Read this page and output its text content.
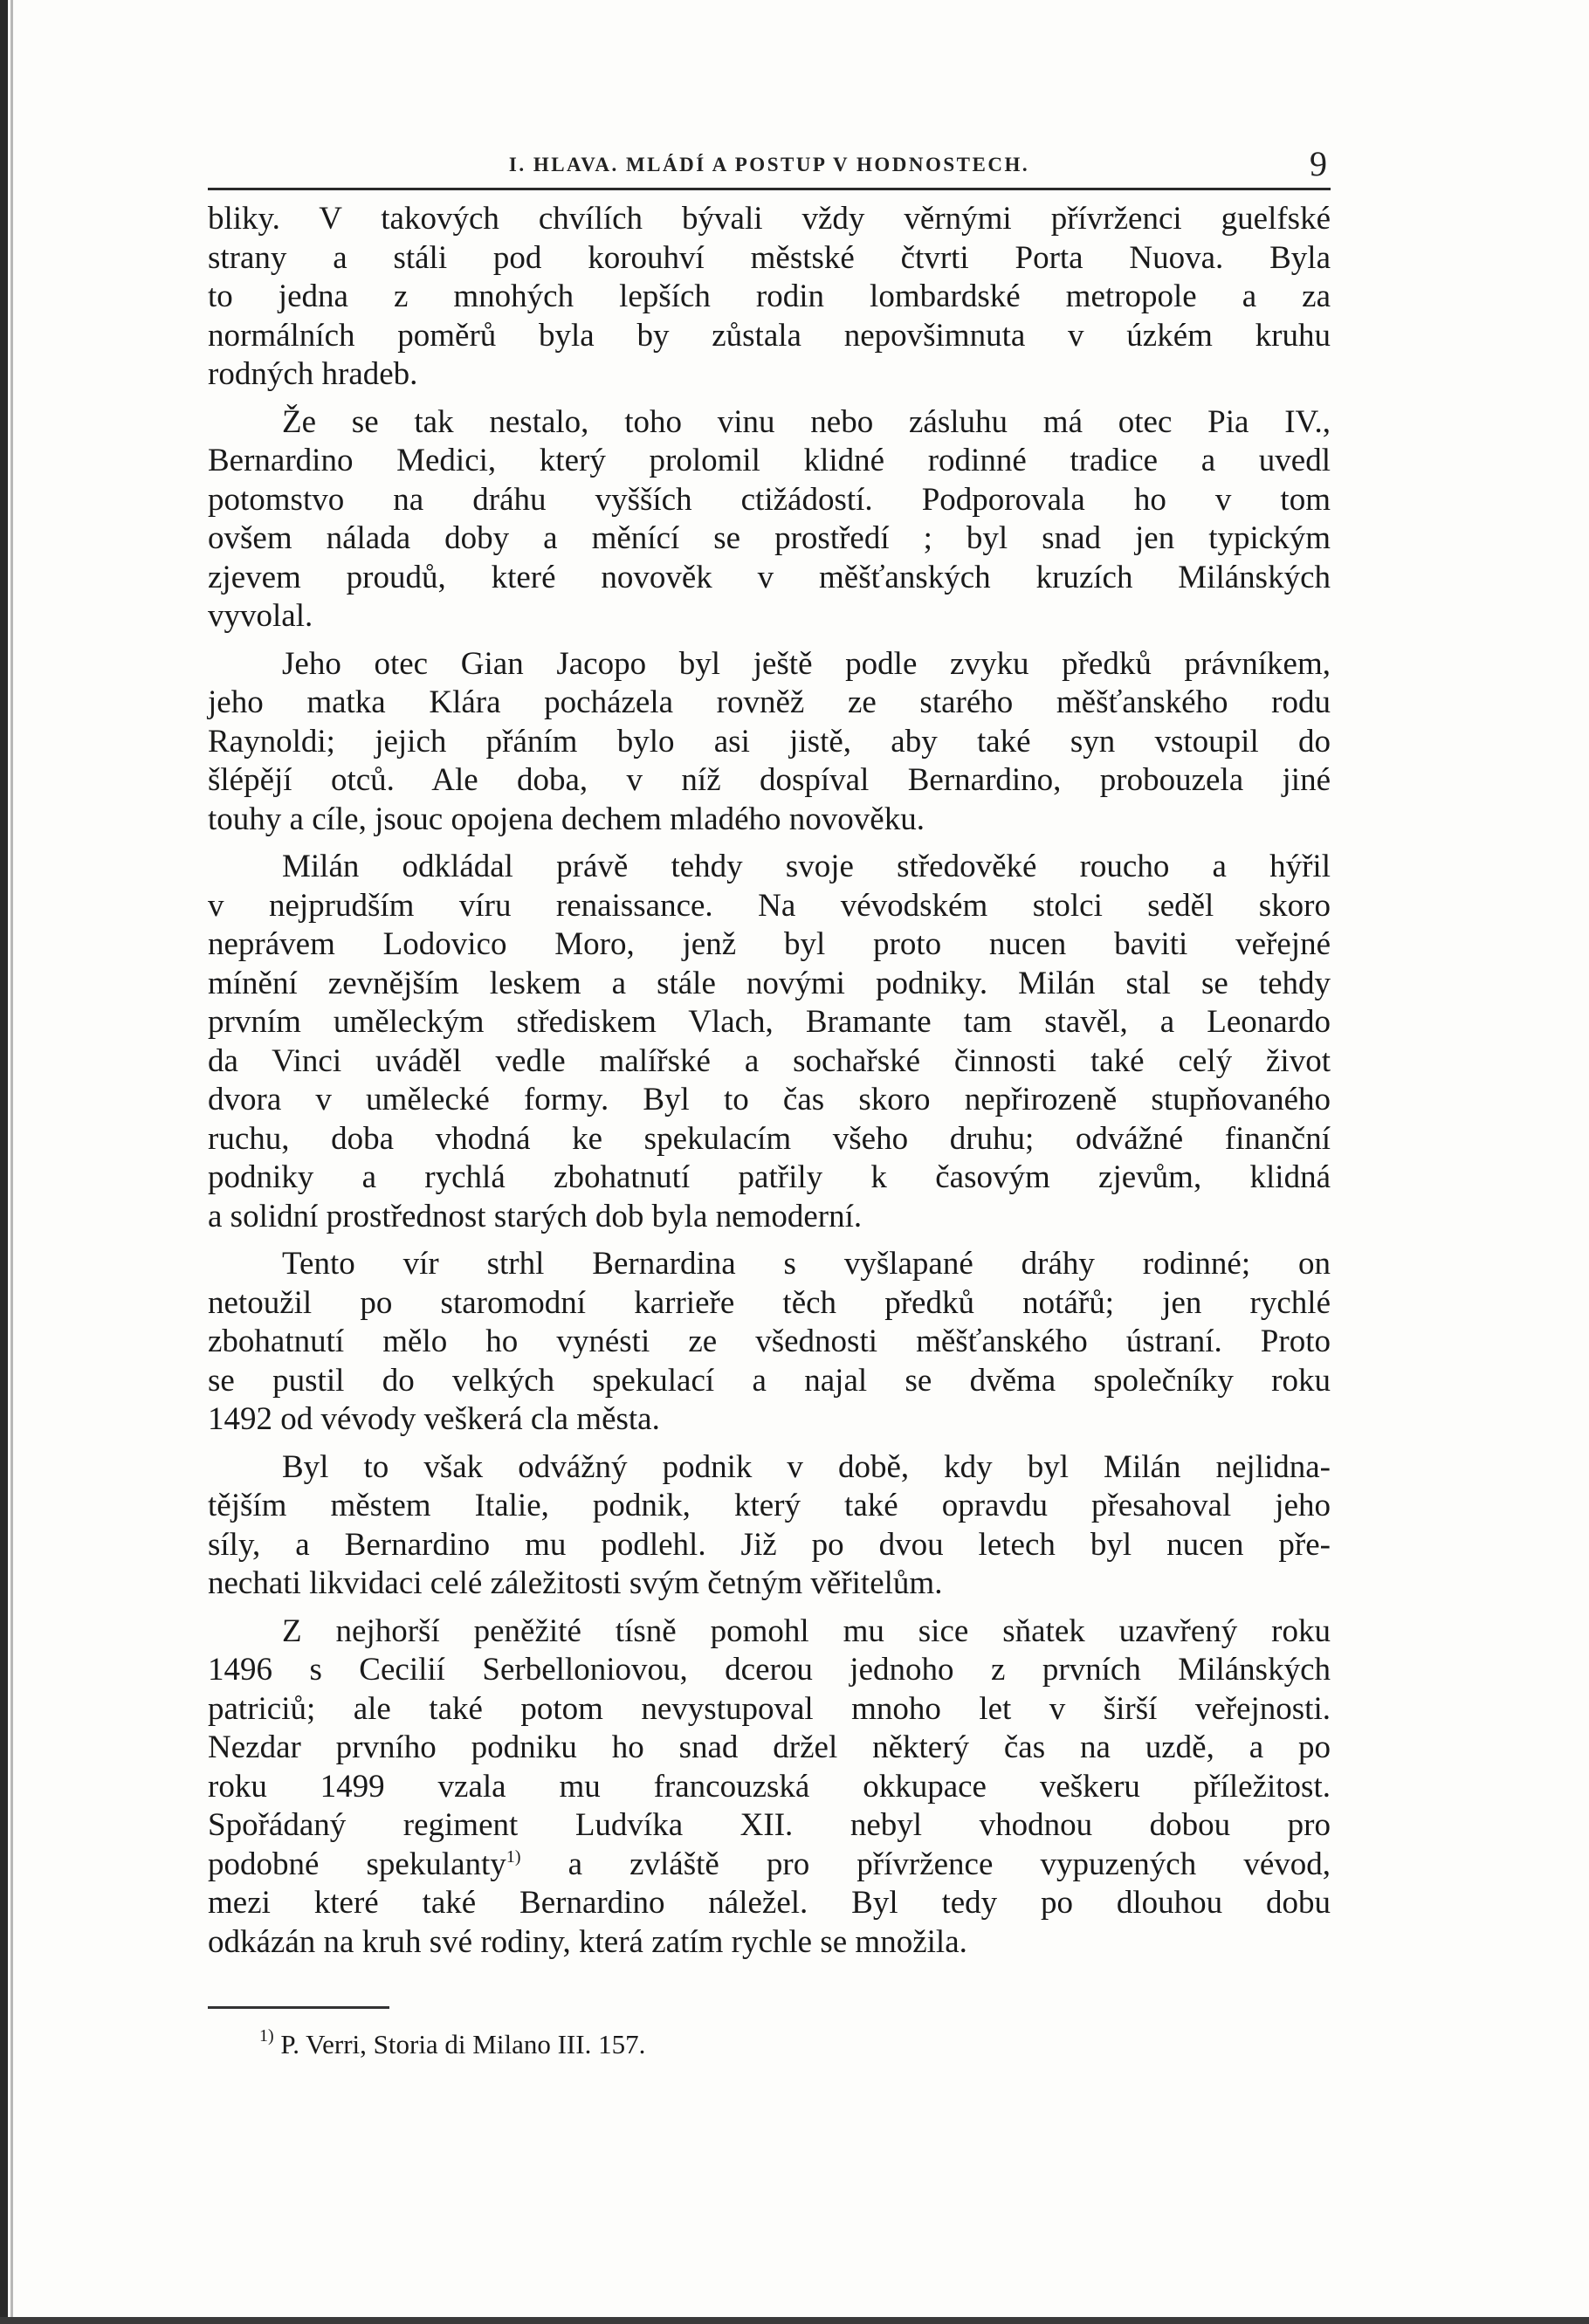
I. HLAVA. MLÁDÍ A POSTUP V HODNOSTECH.	9
bliky. V takových chvílích bývali vždy věrnými přívrženci guelfské
strany a stáli pod korouhví městské čtvrti Porta Nuova. Byla
to jedna z mnohých lepších rodin lombardské metropole a za
normálních poměrů byla by zůstala nepovšimnuta v úzkém kruhu
rodných hradeb.
Že se tak nestalo, toho vinu nebo zásluhu má otec Pia IV.,
Bernardino Medici, který prolomil klidné rodinné tradice a uvedl
potomstvo na dráhu vyšších ctižádostí. Podporovala ho v tom
ovšem nálada doby a měnící se prostředí ; byl snad jen typickým
zjevem proudů, které novověk v měšťanských kruzích Milánských
vyvolal.
Jeho otec Gian Jacopo byl ještě podle zvyku předků právníkem,
jeho matka Klára pocházela rovněž ze starého měšťanského rodu
Raynoldi; jejich přáním bylo asi jistě, aby také syn vstoupil do
šlépějí otců. Ale doba, v níž dospíval Bernardino, probouzela jiné
touhy a cíle, jsouc opojena dechem mladého novověku.
Milán odkládal právě tehdy svoje středověké roucho a hýřil
v nejprudším víru renaissance. Na vévodském stolci seděl skoro
neprávem Lodovico Moro, jenž byl proto nucen baviti veřejné
mínění zevnějším leskem a stále novými podniky. Milán stal se tehdy
prvním uměleckým střediskem Vlach, Bramante tam stavěl, a Leonardo
da Vinci uváděl vedle malířské a sochařské činnosti také celý život
dvora v umělecké formy. Byl to čas skoro nepřirozeně stupňovaného
ruchu, doba vhodná ke spekulacím všeho druhu; odvážné finanční
podniky a rychlá zbohatnutí patřily k časovým zjevům, klidná
a solidní prostřednost starých dob byla nemoderní.
Tento vír strhl Bernardina s vyšlapané dráhy rodinné; on
netoužil po staromodní karrieře těch předků notářů; jen rychlé
zbohatnutí mělo ho vynésti ze všednosti měšťanského ústraní. Proto
se pustil do velkých spekulací a najal se dvěma společníky roku
1492 od vévody veškerá cla města.
Byl to však odvážný podnik v době, kdy byl Milán nejlidna-
tějším městem Italie, podnik, který také opravdu přesahoval jeho
síly, a Bernardino mu podlehl. Již po dvou letech byl nucen pře-
nechati likvidaci celé záležitosti svým četným věřitelům.
Z nejhorší peněžité tísně pomohl mu sice sňatek uzavřený roku
1496 s Cecilií Serbelloniovou, dcerou jednoho z prvních Milánských
patriciů; ale také potom nevystupoval mnoho let v širší veřejnosti.
Nezdar prvního podniku ho snad držel některý čas na uzdě, a po
roku 1499 vzala mu francouzská okkupace veškeru příležitost.
Spořádaný regiment Ludvíka XII. nebyl vhodnou dobou pro
podobné spekulanty$^{1)}$ a zvláště pro přívržence vypuzených vévod,
mezi které také Bernardino náležel. Byl tedy po dlouhou dobu
odkázán na kruh své rodiny, která zatím rychle se množila.
$^{1)}$ P. Verri, Storia di Milano III. 157.
